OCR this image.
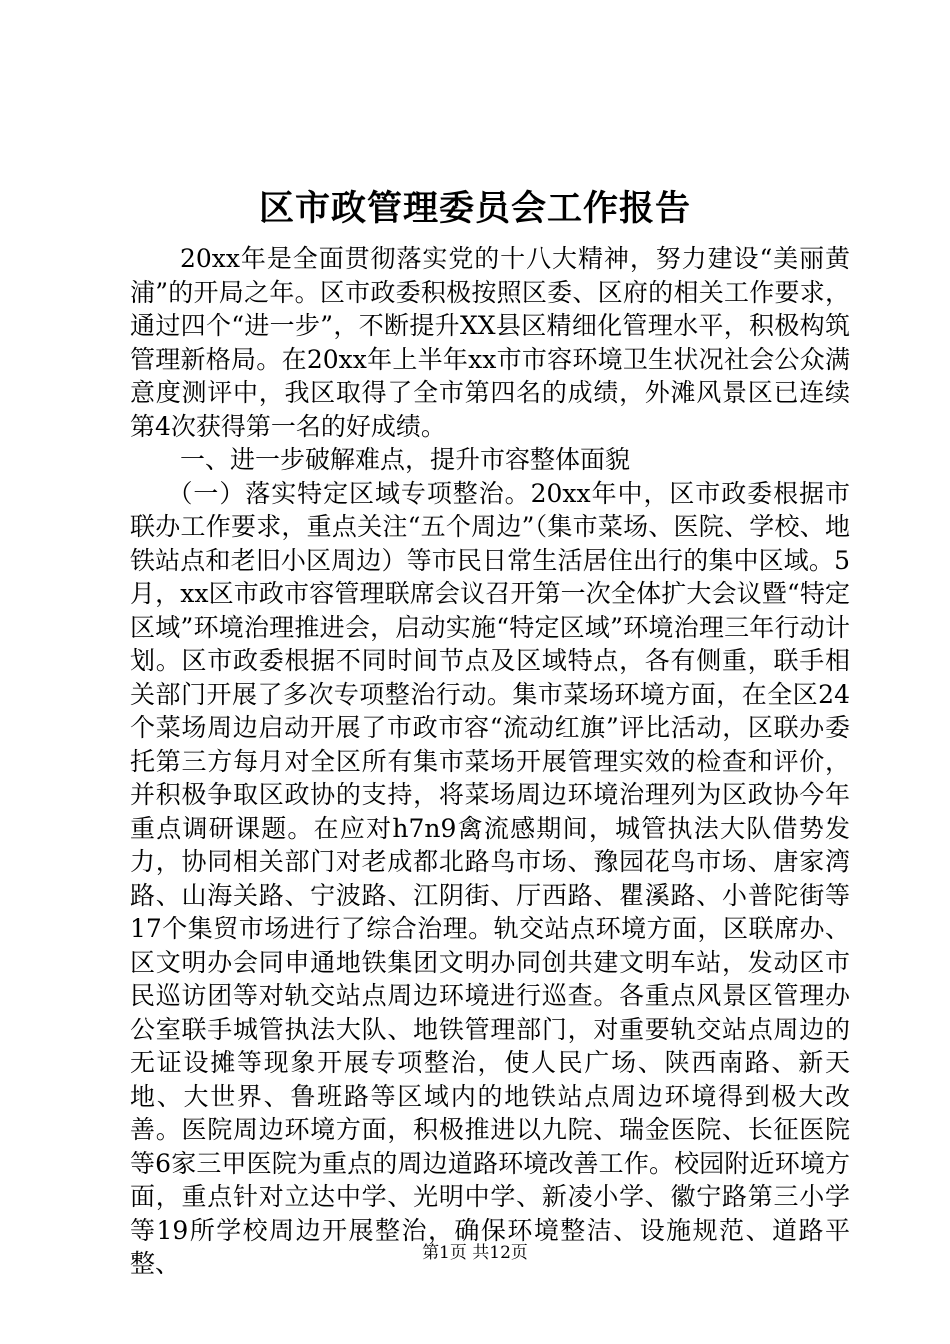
区市政管理委员会工作报告

20xx年是全面贯彻落实党的十八大精神，努力建设“美丽黄浦”的开局之年。区市政委积极按照区委、区府的相关工作要求，通过四个“进一步”，不断提升XX县区精细化管理水平，积极构筑管理新格局。在20xx年上半年xx市市容环境卫生状况社会公众满意度测评中，我区取得了全市第四名的成绩，外滩风景区已连续第4次获得第一名的好成绩。

一、进一步破解难点，提升市容整体面貌

（一）落实特定区域专项整治。20xx年中，区市政委根据市联办工作要求，重点关注“五个周边”（集市菜场、医院、学校、地铁站点和老旧小区周边）等市民日常生活居住出行的集中区域。5月，xx区市政市容管理联席会议召开第一次全体扩大会议暨“特定区域”环境治理推进会，启动实施“特定区域”环境治理三年行动计划。区市政委根据不同时间节点及区域特点，各有侧重，联手相关部门开展了多次专项整治行动。集市菜场环境方面，在全区24个菜场周边启动开展了市政市容“流动红旗”评比活动，区联办委托第三方每月对全区所有集市菜场开展管理实效的检查和评价，并积极争取区政协的支持，将菜场周边环境治理列为区政协今年重点调研课题。在应对h7n9禽流感期间，城管执法大队借势发力，协同相关部门对老成都北路鸟市场、豫园花鸟市场、唐家湾路、山海关路、宁波路、江阴街、厅西路、瞿溪路、小普陀街等17个集贸市场进行了综合治理。轨交站点环境方面，区联席办、区文明办会同申通地铁集团文明办同创共建文明车站，发动区市民巡访团等对轨交站点周边环境进行巡查。各重点风景区管理办公室联手城管执法大队、地铁管理部门，对重要轨交站点周边的无证设摊等现象开展专项整治，使人民广场、陕西南路、新天地、大世界、鲁班路等区域内的地铁站点周边环境得到极大改善。医院周边环境方面，积极推进以九院、瑞金医院、长征医院等6家三甲医院为重点的周边道路环境改善工作。校园附近环境方面，重点针对立达中学、光明中学、新凌小学、徽宁路第三小学等19所学校周边开展整治，确保环境整洁、设施规范、道路平整、	第1页 共12页
